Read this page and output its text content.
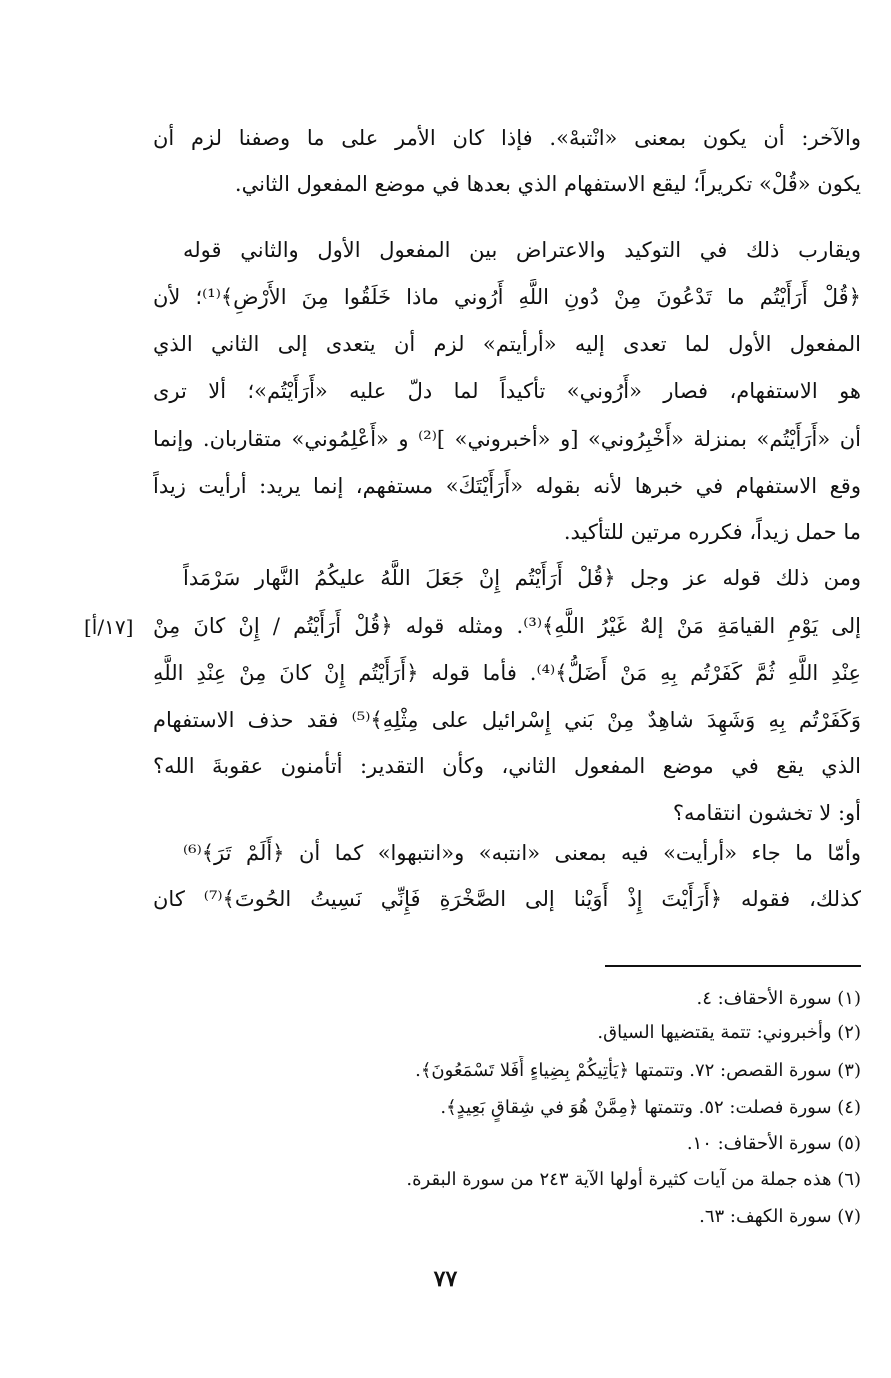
والآخر: أن يكون بمعنى «انْتبهْ». فإذا كان الأمر على ما وصفنا لزم أن
يكون «قُلْ» تكريراً؛ ليقع الاستفهام الذي بعدها في موضع المفعول الثاني.
ويقارب ذلك في التوكيد والاعتراض بين المفعول الأول والثاني قوله
﴿قُلْ أَرَأَيْتُم ما تَدْعُونَ مِنْ دُونِ اللَّهِ أَرُوني ماذا خَلَقُوا مِنَ الأَرْضِ﴾⁽¹⁾؛ لأن
المفعول الأول لما تعدى إليه «أرأيتم» لزم أن يتعدى إلى الثاني الذي
هو الاستفهام، فصار «أَرُوني» تأكيداً لما دلّ عليه «أَرَأَيْتُم»؛ ألا ترى
أن «أَرَأَيْتُم» بمنزلة «أَخْبِرُوني» [و «أخبروني» ]⁽²⁾ و «أَعْلِمُوني» متقاربان. وإنما
وقع الاستفهام في خبرها لأنه بقوله «أَرَأَيْتَكَ» مستفهم، إنما يريد: أرأيت زيداً
ما حمل زيداً، فكرره مرتين للتأكيد.
ومن ذلك قوله عز وجل ﴿قُلْ أَرَأَيْتُم إِنْ جَعَلَ اللَّهُ عليكُمُ النَّهار سَرْمَداً
إلى يَوْمِ القيامَةِ مَنْ إلهٌ غَيْرُ اللَّهِ﴾⁽³⁾. ومثله قوله ﴿قُلْ أَرَأَيْتُم / إِنْ كانَ مِنْ
[١٧/أ]
عِنْدِ اللَّهِ ثُمَّ كَفَرْتُم بِهِ مَنْ أَضَلُّ﴾⁽⁴⁾. فأما قوله ﴿أَرَأَيْتُم إِنْ كانَ مِنْ عِنْدِ اللَّهِ
وَكَفَرْتُم بِهِ وَشَهِدَ شاهِدٌ مِنْ بَني إِسْرائيل على مِثْلِهِ﴾⁽⁵⁾ فقد حذف الاستفهام
الذي يقع في موضع المفعول الثاني، وكأن التقدير: أتأمنون عقوبةَ الله؟
أو: لا تخشون انتقامه؟
وأمّا ما جاء «أرأيت» فيه بمعنى «انتبه» و«انتبهوا» كما أن ﴿أَلَمْ تَرَ﴾⁽⁶⁾
كذلك، فقوله ﴿أَرَأَيْتَ إِذْ أَوَيْنا إلى الصَّخْرَةِ فَإِنِّي نَسِيتُ الحُوتَ﴾⁽⁷⁾ كان
(١) سورة الأحقاف: ٤.
(٢) وأخبروني: تتمة يقتضيها السياق.
(٣) سورة القصص: ٧٢. وتتمتها ﴿يَأْتِيكُمْ بِضِياءٍ أَفَلا تَسْمَعُونَ﴾.
(٤) سورة فصلت: ٥٢. وتتمتها ﴿مِمَّنْ هُوَ في شِقاقٍ بَعِيدٍ﴾.
(٥) سورة الأحقاف: ١٠.
(٦) هذه جملة من آيات كثيرة أولها الآية ٢٤٣ من سورة البقرة.
(٧) سورة الكهف: ٦٣.
٧٧
